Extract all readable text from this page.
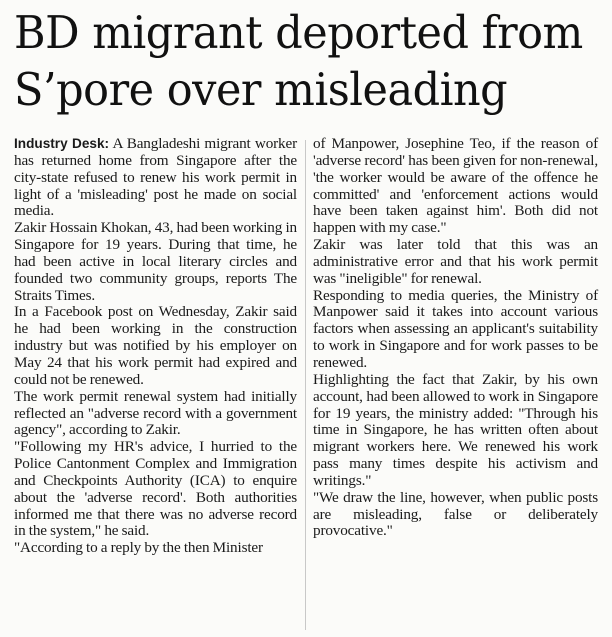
BD migrant deported from
S’pore over misleading

Industry Desk: A Bangladeshi migrant worker has returned home from Singapore after the city-state refused to renew his work permit in light of a 'misleading' post he made on social media.

Zakir Hossain Khokan, 43, had been working in Singapore for 19 years. During that time, he had been active in local literary circles and founded two community groups, reports The Straits Times.

In a Facebook post on Wednesday, Zakir said he had been working in the construction industry but was notified by his employer on May 24 that his work permit had expired and could not be renewed.

The work permit renewal system had initially reflected an "adverse record with a government agency", according to Zakir.

"Following my HR's advice, I hurried to the Police Cantonment Complex and Immigration and Checkpoints Authority (ICA) to enquire about the 'adverse record'. Both authorities informed me that there was no adverse record in the system," he said.

"According to a reply by the then Minister

of Manpower, Josephine Teo, if the reason of 'adverse record' has been given for non-renewal, 'the worker would be aware of the offence he committed' and 'enforcement actions would have been taken against him'. Both did not happen with my case."

Zakir was later told that this was an administrative error and that his work permit was "ineligible" for renewal.

Responding to media queries, the Ministry of Manpower said it takes into account various factors when assessing an applicant's suitability to work in Singapore and for work passes to be renewed.

Highlighting the fact that Zakir, by his own account, had been allowed to work in Singapore for 19 years, the ministry added: "Through his time in Singapore, he has written often about migrant workers here. We renewed his work pass many times despite his activism and writings."

"We draw the line, however, when public posts are misleading, false or deliberately provocative."
